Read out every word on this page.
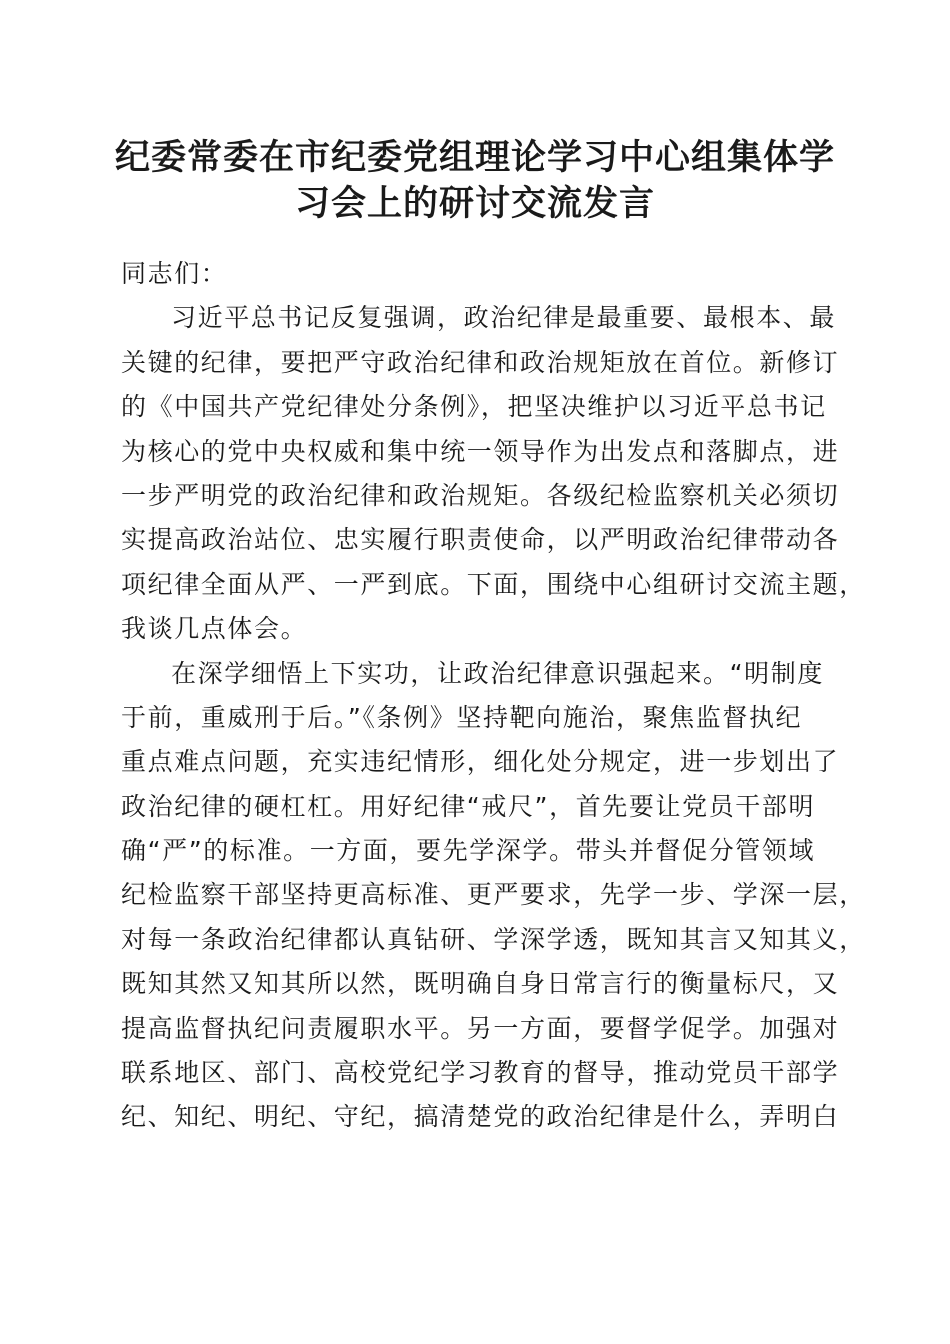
纪委常委在市纪委党组理论学习中心组集体学
习会上的研讨交流发言
同志们：
习近平总书记反复强调，政治纪律是最重要、最根本、最
关键的纪律，要把严守政治纪律和政治规矩放在首位。新修订
的《中国共产党纪律处分条例》，把坚决维护以习近平总书记
为核心的党中央权威和集中统一领导作为出发点和落脚点，进
一步严明党的政治纪律和政治规矩。各级纪检监察机关必须切
实提高政治站位、忠实履行职责使命，以严明政治纪律带动各
项纪律全面从严、一严到底。下面，围绕中心组研讨交流主题，
我谈几点体会。
在深学细悟上下实功，让政治纪律意识强起来。“明制度
于前，重威刑于后。”《条例》坚持靶向施治，聚焦监督执纪
重点难点问题，充实违纪情形，细化处分规定，进一步划出了
政治纪律的硬杠杠。用好纪律“戒尺”，首先要让党员干部明
确“严”的标准。一方面，要先学深学。带头并督促分管领域
纪检监察干部坚持更高标准、更严要求，先学一步、学深一层，
对每一条政治纪律都认真钻研、学深学透，既知其言又知其义，
既知其然又知其所以然，既明确自身日常言行的衡量标尺，又
提高监督执纪问责履职水平。另一方面，要督学促学。加强对
联系地区、部门、高校党纪学习教育的督导，推动党员干部学
纪、知纪、明纪、守纪，搞清楚党的政治纪律是什么，弄明白
